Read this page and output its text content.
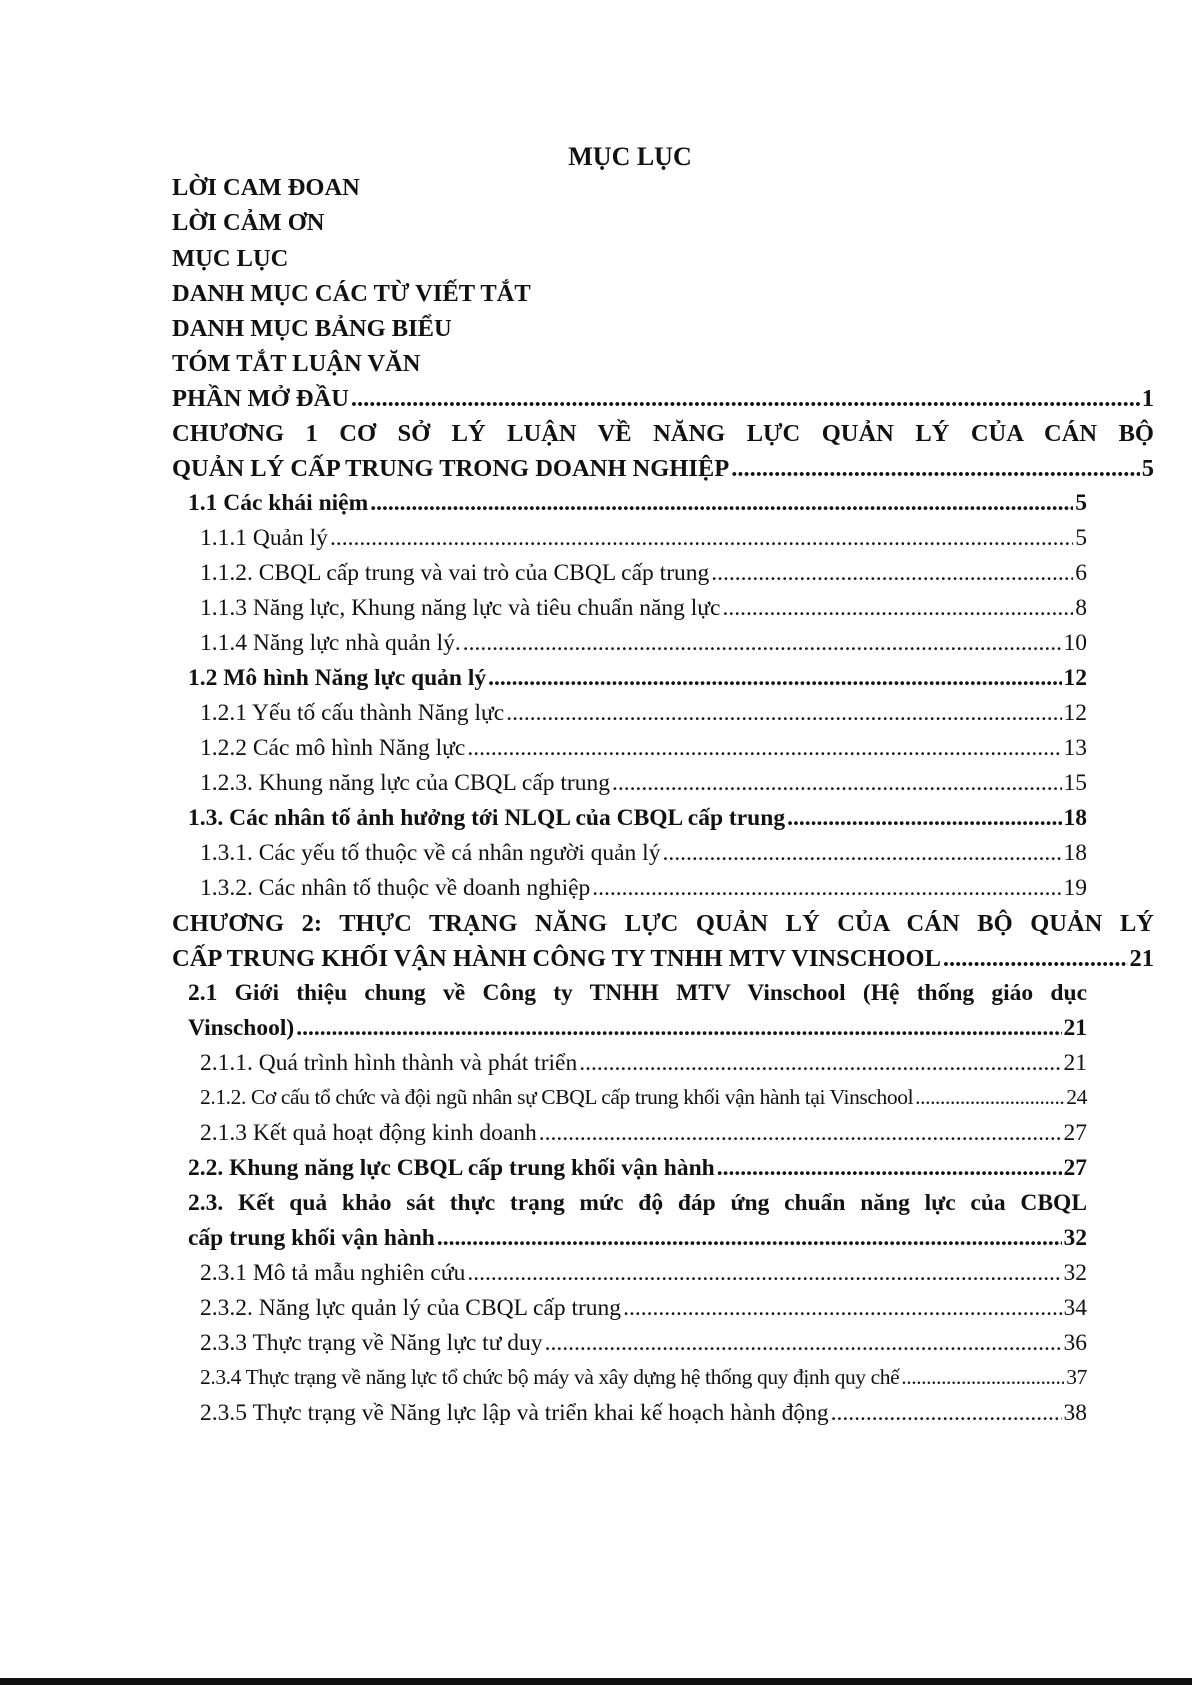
MỤC LỤC
LỜI CAM ĐOAN
LỜI CẢM ƠN
MỤC LỤC
DANH MỤC CÁC TỪ VIẾT TẮT
DANH MỤC BẢNG BIỂU
TÓM TẮT LUẬN VĂN
PHẦN MỞ ĐẦU .....	1
CHƯƠNG 1 CƠ SỞ LÝ LUẬN VỀ NĂNG LỰC QUẢN LÝ CỦA CÁN BỘ
QUẢN LÝ CẤP TRUNG TRONG DOANH NGHIỆP .....	5
1.1 Các khái niệm .....	5
1.1.1 Quản lý .....	5
1.1.2. CBQL cấp trung và vai trò của CBQL cấp trung .....	6
1.1.3 Năng lực, Khung năng lực và tiêu chuẩn năng lực .....	8
1.1.4 Năng lực nhà quản lý. .....	10
1.2 Mô hình Năng lực quản lý .....	12
1.2.1 Yếu tố cấu thành Năng lực .....	12
1.2.2 Các mô hình Năng lực .....	13
1.2.3. Khung năng lực của CBQL cấp trung .....	15
1.3. Các nhân tố ảnh hưởng tới NLQL của CBQL cấp trung .....	18
1.3.1. Các yếu tố thuộc về cá nhân người quản lý .....	18
1.3.2. Các nhân tố thuộc về doanh nghiệp .....	19
CHƯƠNG 2: THỰC TRẠNG NĂNG LỰC QUẢN LÝ CỦA CÁN BỘ QUẢN LÝ
CẤP TRUNG KHỐI VẬN HÀNH CÔNG TY TNHH MTV VINSCHOOL .....	21
2.1 Giới thiệu chung về Công ty TNHH MTV Vinschool (Hệ thống giáo dục
Vinschool) .....	21
2.1.1. Quá trình hình thành và phát triển .....	21
2.1.2. Cơ cấu tổ chức và đội ngũ nhân sự CBQL cấp trung khối vận hành tại Vinschool .....	24
2.1.3 Kết quả hoạt động kinh doanh .....	27
2.2. Khung năng lực CBQL cấp trung khối vận hành .....	27
2.3. Kết quả khảo sát thực trạng mức độ đáp ứng chuẩn năng lực của CBQL
cấp trung khối vận hành .....	32
2.3.1 Mô tả mẫu nghiên cứu .....	32
2.3.2. Năng lực quản lý của CBQL cấp trung .....	34
2.3.3 Thực trạng về Năng lực tư duy .....	36
2.3.4 Thực trạng về năng lực tổ chức bộ máy và xây dựng hệ thống quy định quy chế .....	37
2.3.5 Thực trạng về Năng lực lập và triển khai kế hoạch hành động .....	38
